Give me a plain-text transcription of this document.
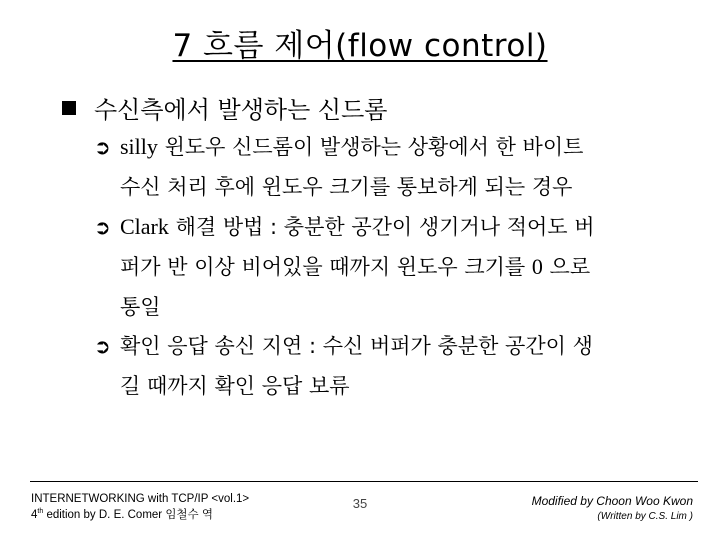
7 흐름 제어(flow control)
수신측에서 발생하는 신드롬
➲ silly 윈도우 신드롬이 발생하는 상황에서 한 바이트
수신 처리 후에 윈도우 크기를 통보하게 되는 경우
➲ Clark 해결 방법 : 충분한 공간이 생기거나 적어도 버
퍼가 반 이상 비어있을 때까지 윈도우 크기를 0 으로
통일
➲ 확인 응답 송신 지연 : 수신 버퍼가 충분한 공간이 생
길 때까지 확인 응답 보류
INTERNETWORKING with TCP/IP <vol.1>
4th edition by D. E. Comer 임철수 역
35	Modified by Choon Woo Kwon
(Written by C.S. Lim )
